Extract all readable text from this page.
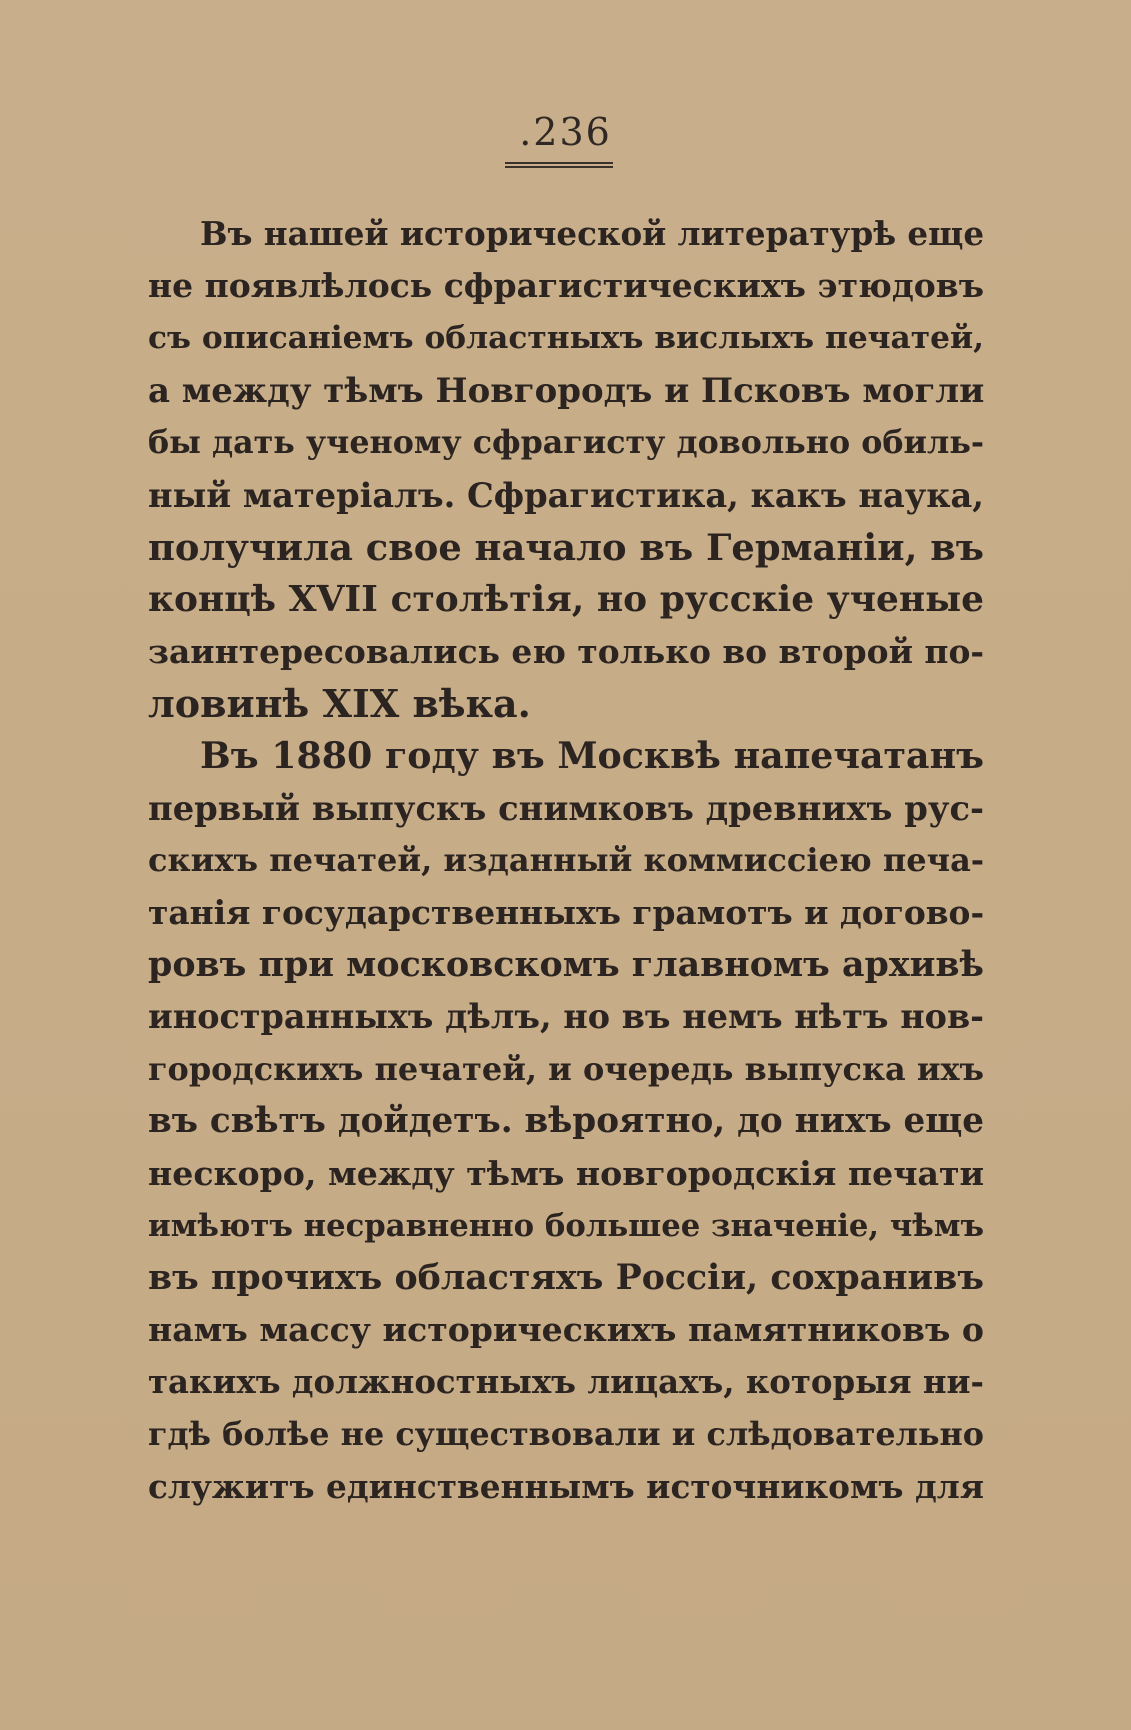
.236
Въ нашей исторической литературѣ еще
не появлѣлось сфрагистическихъ этюдовъ
съ описаніемъ областныхъ вислыхъ печатей,
а между тѣмъ Новгородъ и Псковъ могли
бы дать ученому сфрагисту довольно обиль-
ный матеріалъ. Сфрагистика, какъ наука,
получила свое начало въ Германіи, въ
концѣ XVII столѣтія, но русскіе ученые
заинтересовались ею только во второй по-
ловинѣ XIX вѣка.
Въ 1880 году въ Москвѣ напечатанъ
первый выпускъ снимковъ древнихъ рус-
скихъ печатей, изданный коммиссіею печа-
танія государственныхъ грамотъ и догово-
ровъ при московскомъ главномъ архивѣ
иностранныхъ дѣлъ, но въ немъ нѣтъ нов-
городскихъ печатей, и очередь выпуска ихъ
въ свѣтъ дойдетъ. вѣроятно, до нихъ еще
нескоро, между тѣмъ новгородскія печати
имѣютъ несравненно большее значеніе, чѣмъ
въ прочихъ областяхъ Россіи, сохранивъ
намъ массу историческихъ памятниковъ о
такихъ должностныхъ лицахъ, которыя ни-
гдѣ болѣе не существовали и слѣдовательно
служитъ единственнымъ источникомъ для
